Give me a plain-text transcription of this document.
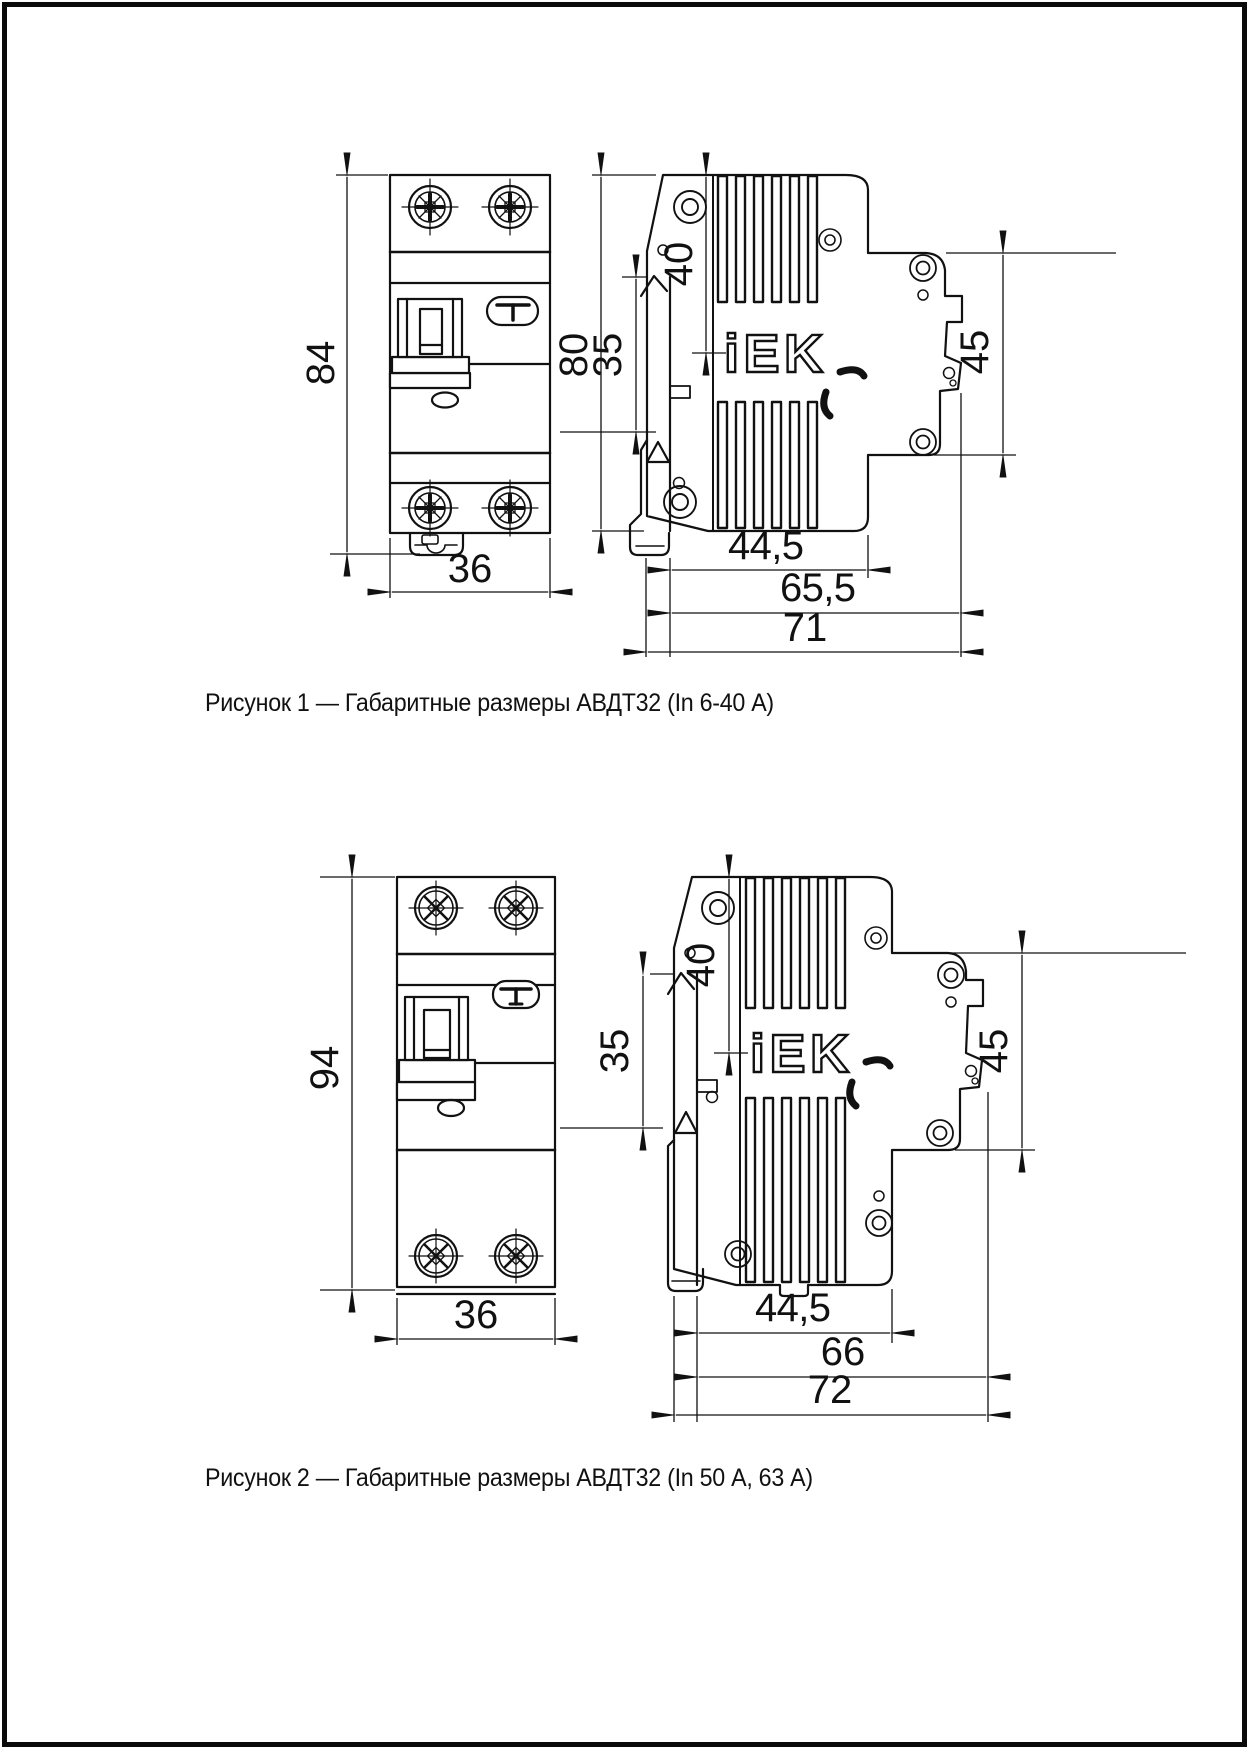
iEK
84
36
80
40
35	45
44,5
65,5
71
iEK
94
36
40
35	45
44,5
66
72
Рисунок 1 — Габаритные размеры АВДТ32 (In 6-40 А)
Рисунок 2 — Габаритные размеры АВДТ32 (In 50 А, 63 А)
